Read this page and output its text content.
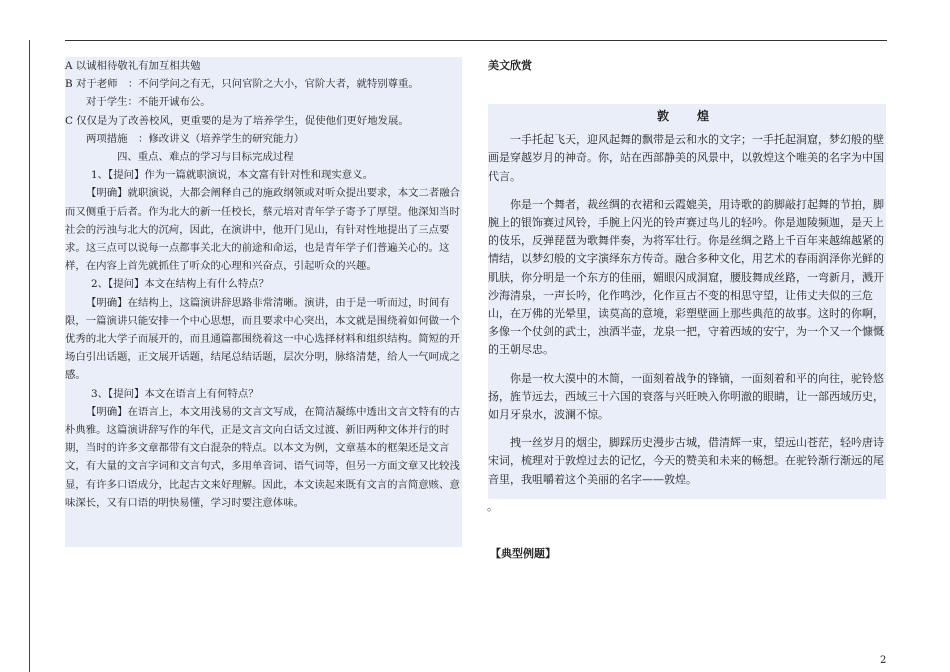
A 以诚相待敬礼有加互相共勉

B 对于老师　：不问学问之有无，只问官阶之大小，官阶大者，就特别尊重。

对于学生：不能开诚布公。

C 仅仅是为了改善校风，更重要的是为了培养学生，促使他们更好地发展。

两项措施　：修改讲义（培养学生的研究能力）

四、重点、难点的学习与目标完成过程

1、【提问】作为一篇就职演说，本文富有针对性和现实意义。

【明确】就职演说，大都会阐释自己的施政纲领或对听众提出要求，本文二者融合而又侧重于后者。作为北大的新一任校长，蔡元培对青年学子寄予了厚望。他深知当时社会的污浊与北大的沉疴，因此，在演讲中，他开门见山，有针对性地提出了三点要求。这三点可以说每一点都事关北大的前途和命运，也是青年学子们普遍关心的。这样，在内容上首先就抓住了听众的心理和兴奋点，引起听众的兴趣。

2、【提问】本文在结构上有什么特点？

【明确】在结构上，这篇演讲辞思路非常清晰。演讲，由于是一听而过，时间有限，一篇演讲只能安排一个中心思想，而且要求中心突出，本文就是围绕着如何做一个优秀的北大学子而展开的，而且通篇都围绕着这一中心选择材料和组织结构。简短的开场白引出话题，正文展开话题，结尾总结话题，层次分明，脉络清楚，给人一气呵成之感。

3、【提问】本文在语言上有何特点？

【明确】在语言上，本文用浅易的文言文写成，在简洁凝练中透出文言文特有的古朴典雅。这篇演讲辞写作的年代，正是文言文向白话文过渡、新旧两种文体并行的时期，当时的许多文章都带有文白混杂的特点。以本文为例，文章基本的框架还是文言文，有大量的文言字词和文言句式，多用单音词、语气词等，但另一方面文章又比较浅显，有许多口语成分，比起古文来好理解。因此，本文读起来既有文言的言简意赅、意味深长，又有口语的明快易懂，学习时要注意体味。

美文欣赏

敦　煌

一手托起飞天，迎风起舞的飘带是云和水的文字；一手托起洞窟，梦幻般的壁画是穿越岁月的神奇。你，站在西部静美的风景中，以敦煌这个唯美的名字为中国代言。

你是一个舞者，裁丝绸的衣裙和云霞媲美，用诗歌的韵脚敲打起舞的节拍，脚腕上的银饰赛过风铃，手腕上闪光的铃声赛过鸟儿的轻吟。你是迦陵频迦，是天上的伎乐，反弹琵琶为歌舞伴奏，为将军壮行。你是丝绸之路上千百年来越绵越紧的情结，以梦幻般的文字演绎东方传奇。融合多种文化，用艺术的春雨润泽你光鲜的肌肤，你分明是一个东方的佳丽，媚眼闪成洞窟，腰肢舞成丝路，一弯新月，溅开沙海清泉，一声长吟，化作鸣沙，化作亘古不变的相思守望，让伟丈夫似的三危山，在万佛的光晕里，读莫高的意境，彩塑壁画上那些典范的故事。这时的你啊，多像一个仗剑的武士，浊酒半壶，龙泉一把，守着西域的安宁，为一个又一个慷慨的王朝尽忠。

你是一枚大漠中的木简，一面刻着战争的锋镝，一面刻着和平的向往，驼铃悠扬，旌节远去，西域三十六国的衰落与兴旺映入你明澈的眼睛，让一部西域历史，如月牙泉水，波澜不惊。

拽一丝岁月的烟尘，脚踩历史漫步古城，借清辉一束，望远山苍茫，轻吟唐诗宋词，梳理对于敦煌过去的记忆，今天的赞美和未来的畅想。在驼铃渐行渐远的尾音里，我咀嚼着这个美丽的名字——敦煌。

。
【典型例题】
2
